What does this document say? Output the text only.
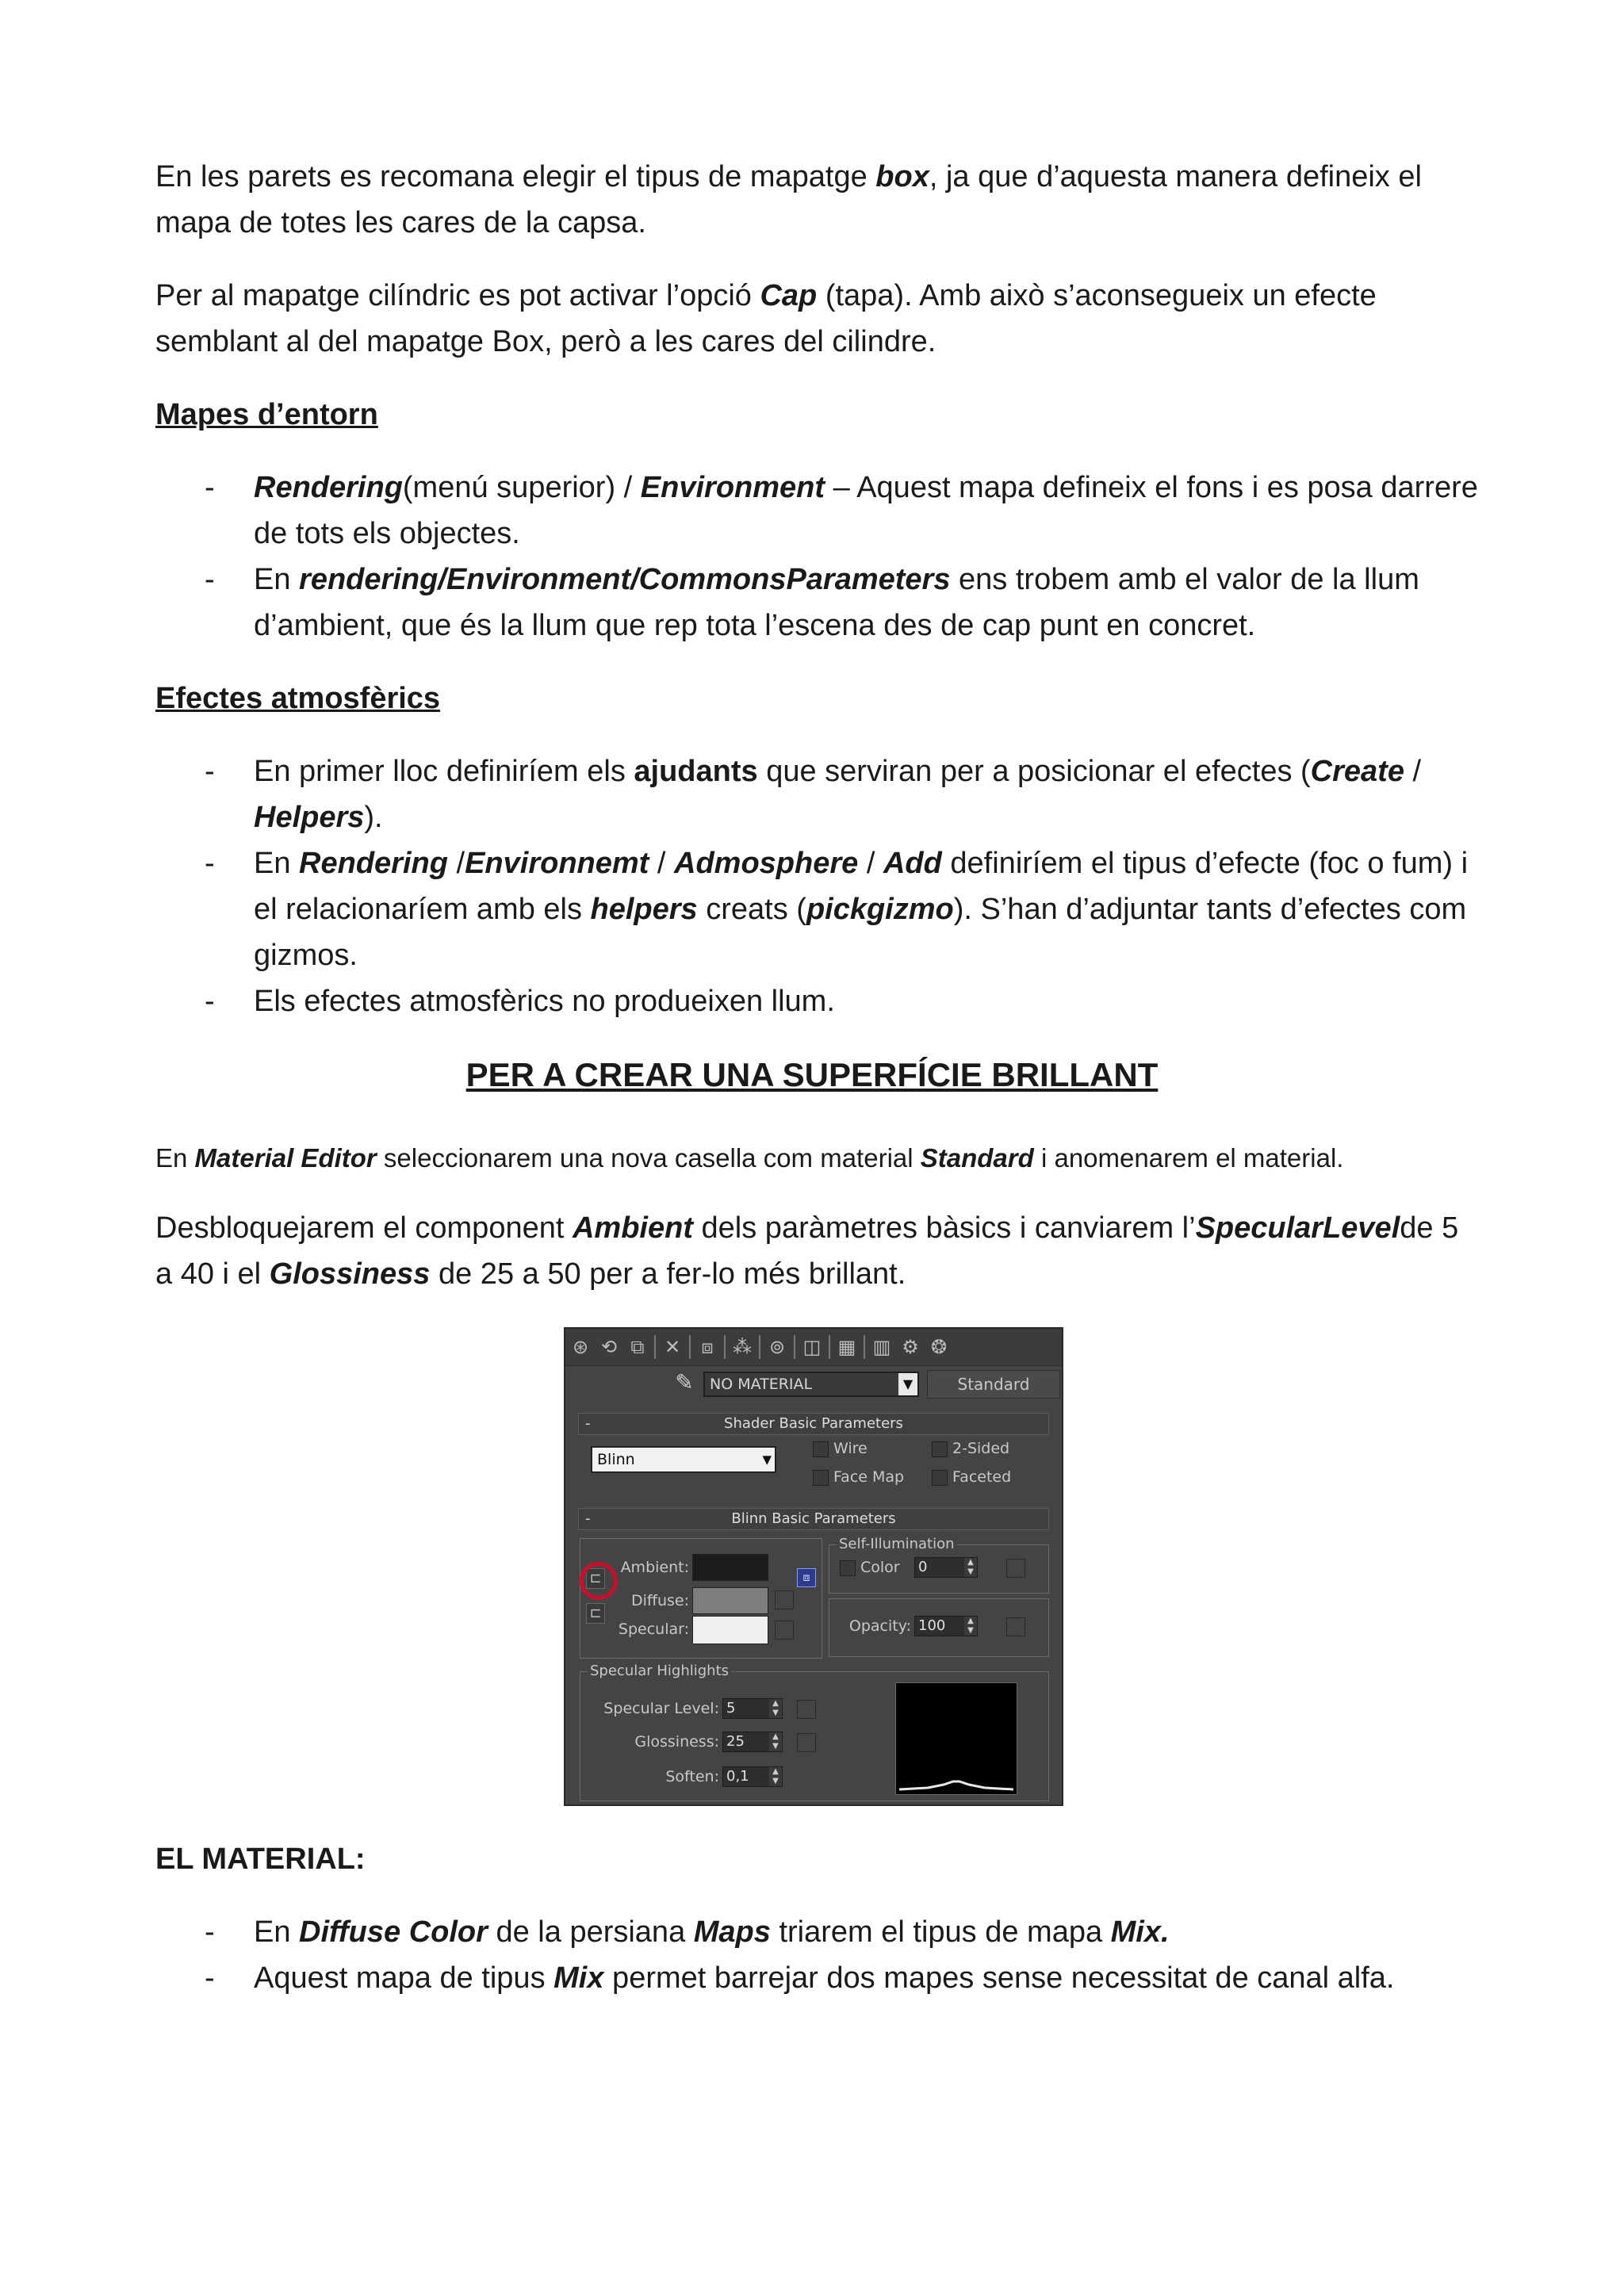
En les parets es recomana elegir el tipus de mapatge box, ja que d’aquesta manera defineix el mapa de totes les cares de la capsa.

Per al mapatge cilíndric es pot activar l’opció Cap (tapa). Amb això s’aconsegueix un efecte semblant al del mapatge Box, però a les cares del cilindre.

Mapes d’entorn

- Rendering(menú superior) / Environment – Aquest mapa defineix el fons i es posa darrere de tots els objectes.
- En rendering/Environment/CommonsParameters ens trobem amb el valor de la llum d’ambient, que és la llum que rep tota l’escena des de cap punt en concret.

Efectes atmosfèrics

- En primer lloc definiríem els ajudants que serviran per a posicionar el efectes (Create / Helpers).
- En Rendering /Environnemt / Admosphere / Add definiríem el tipus d’efecte (foc o fum) i el relacionaríem amb els helpers creats (pickgizmo). S’han d’adjuntar tants d’efectes com gizmos.
- Els efectes atmosfèrics no produeixen llum.

PER A CREAR UNA SUPERFÍCIE BRILLANT

En Material Editor seleccionarem una nova casella com material Standard i anomenarem el material.

Desbloquejarem el component Ambient dels paràmetres bàsics i canviarem l’SpecularLevelde 5 a 40 i el Glossiness de 25 a 50 per a fer-lo més brillant.

⊛ ⟲ ⧉ ✕	⧈	⁂ ⊚ ◫ ▦ ▥ ⚙ ❂
✎	NO MATERIAL	▼	Standard
-	Shader Basic Parameters
Blinn	▼
Wire	2-Sided
Face Map	Faceted
-	Blinn Basic Parameters
Ambient:
Diffuse:
Specular:
⊏
⊏
⧈
Self-Illumination
Color 0	▲
▼
Opacity: 100	▲
▼
Specular Highlights
Specular Level: 5	▲
▼
Glossiness: 25	▲
▼
Soften: 0,1	▲
▼

EL MATERIAL:

- En Diffuse Color de la persiana Maps triarem el tipus de mapa Mix.
- Aquest mapa de tipus Mix permet barrejar dos mapes sense necessitat de canal alfa.
